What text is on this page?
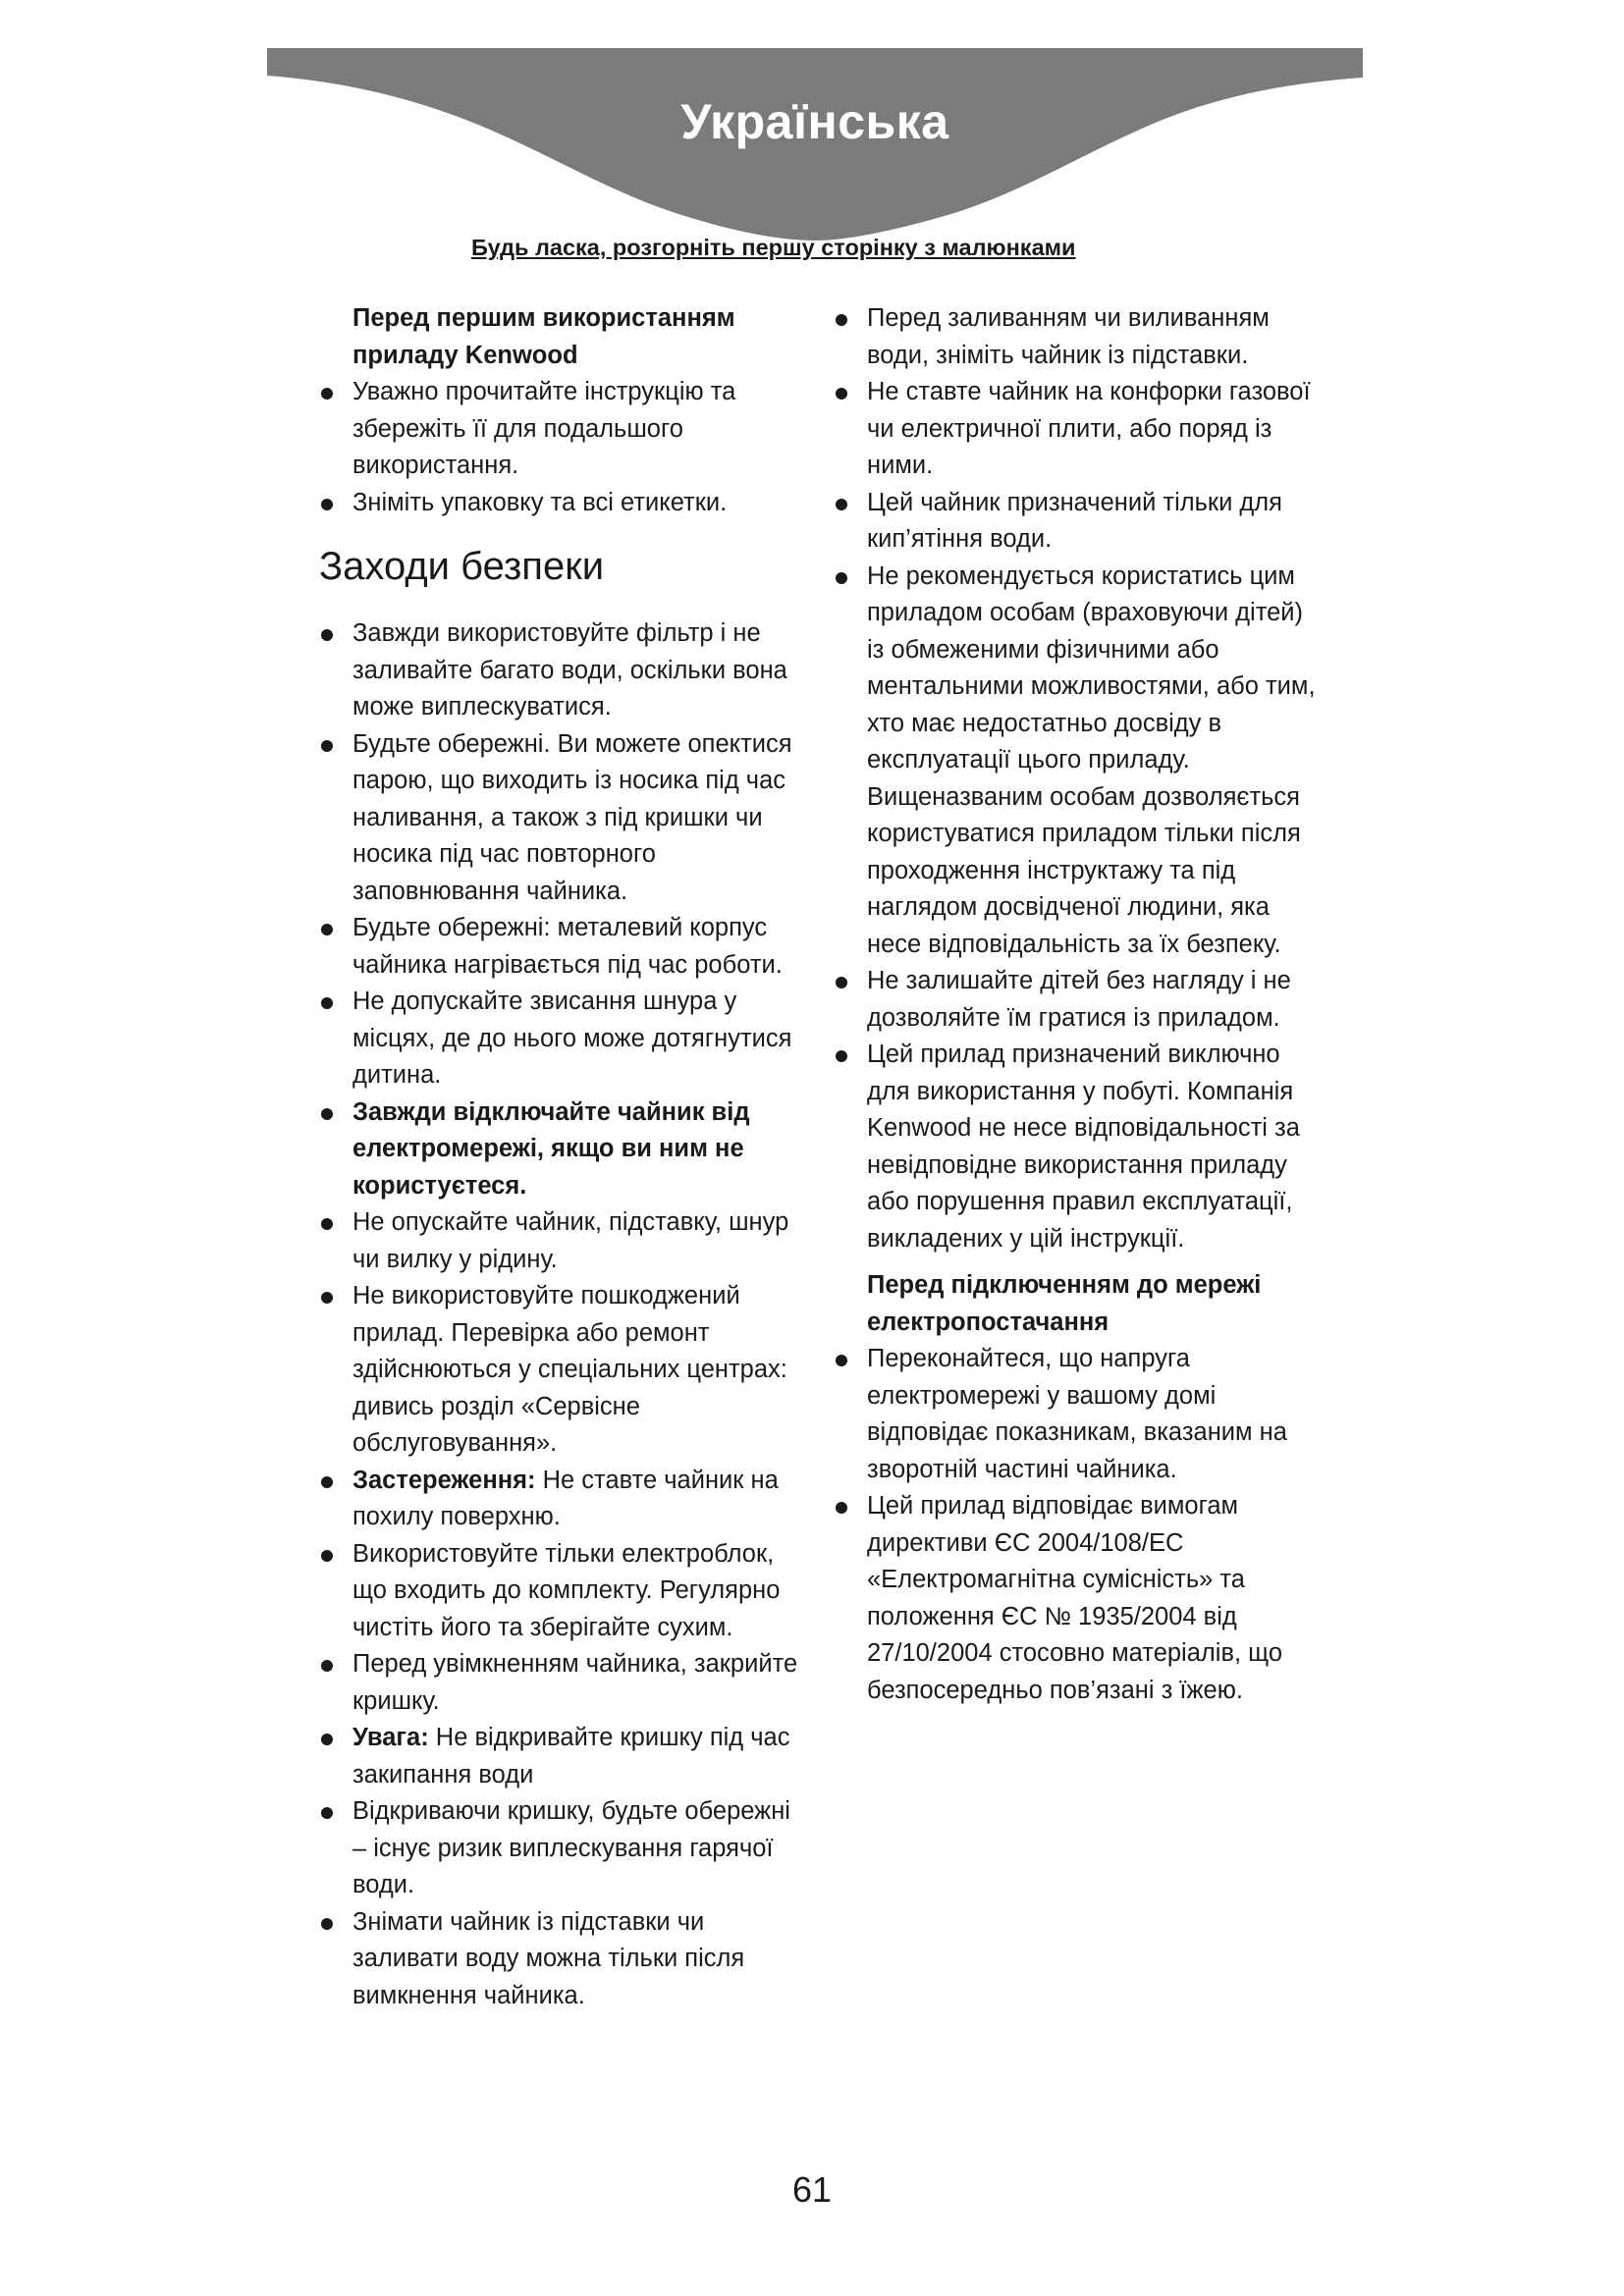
Українська
Будь ласка, розгорніть першу сторінку з малюнками
Перед першим використанням приладу Kenwood
Уважно прочитайте інструкцію та збережіть її для подальшого використання.
Зніміть упаковку та всі етикетки.
Заходи безпеки
Завжди використовуйте фільтр і не заливайте багато води, оскільки вона може виплескуватися.
Будьте обережні. Ви можете опектися парою, що виходить із носика під час наливання, а також з під кришки чи носика під час повторного заповнювання чайника.
Будьте обережні: металевий корпус чайника нагрівається під час роботи.
Не допускайте звисання шнура у місцях, де до нього може дотягнутися дитина.
Завжди відключайте чайник від електромережі, якщо ви ним не користуєтеся.
Не опускайте чайник, підставку, шнур чи вилку у рідину.
Не використовуйте пошкоджений прилад. Перевірка або ремонт здійснюються у спеціальних центрах: дивись розділ «Сервісне обслуговування».
Застереження: Не ставте чайник на похилу поверхню.
Використовуйте тільки електроблок, що входить до комплекту. Регулярно чистіть його та зберігайте сухим.
Перед увімкненням чайника, закрийте кришку.
Увага: Не відкривайте кришку під час закипання води
Відкриваючи кришку, будьте обережні – існує ризик виплескування гарячої води.
Знімати чайник із підставки чи заливати воду можна тільки після вимкнення чайника.
Перед заливанням чи виливанням води, зніміть чайник із підставки.
Не ставте чайник на конфорки газової чи електричної плити, або поряд із ними.
Цей чайник призначений тільки для кип’ятіння води.
Не рекомендується користатись цим приладом особам (враховуючи дітей) із обмеженими фізичними або ментальними можливостями, або тим, хто має недостатньо досвіду в експлуатації цього приладу. Вищеназваним особам дозволяється користуватися приладом тільки після проходження інструктажу та під наглядом досвідченої людини, яка несе відповідальність за їх безпеку.
Не залишайте дітей без нагляду і не дозволяйте їм гратися із приладом.
Цей прилад призначений виключно для використання у побуті. Компанія Kenwood не несе відповідальності за невідповідне використання приладу або порушення правил експлуатації, викладених у цій інструкції.
Перед підключенням до мережі електропостачання
Переконайтеся, що напруга електромережі у вашому домі відповідає показникам, вказаним на зворотній частині чайника.
Цей прилад відповідає вимогам директиви ЄС 2004/108/ЕС «Електромагнітна сумісність» та положення ЄС № 1935/2004 від 27/10/2004 стосовно матеріалів, що безпосередньо пов’язані з їжею.
61
